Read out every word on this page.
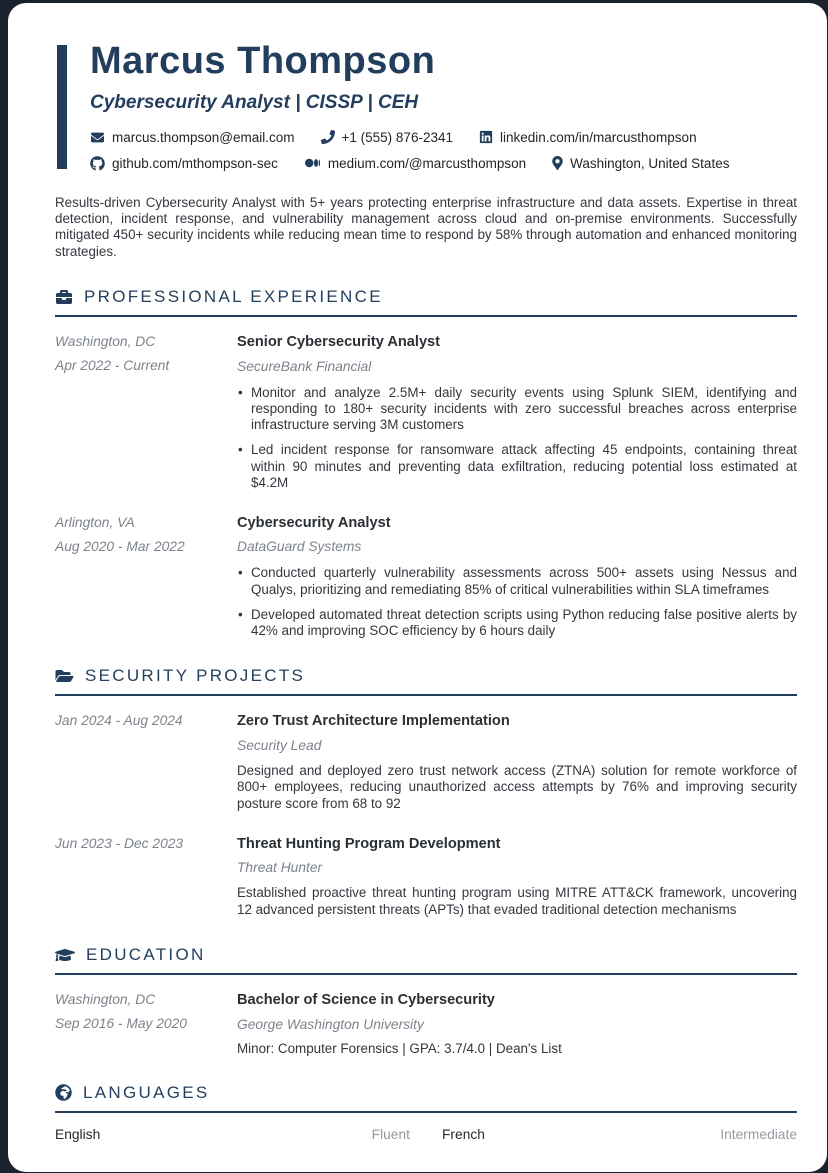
Marcus Thompson
Cybersecurity Analyst | CISSP | CEH
marcus.thompson@email.com	+1 (555) 876-2341	linkedin.com/in/marcusthompson
github.com/mthompson-sec	medium.com/@marcusthompson	Washington, United States

Results-driven Cybersecurity Analyst with 5+ years protecting enterprise infrastructure and data assets. Expertise in threat detection, incident response, and vulnerability management across cloud and on-premise environments. Successfully mitigated 450+ security incidents while reducing mean time to respond by 58% through automation and enhanced monitoring strategies.

PROFESSIONAL EXPERIENCE
Washington, DC
Apr 2022 - Current
Senior Cybersecurity Analyst
SecureBank Financial
• Monitor and analyze 2.5M+ daily security events using Splunk SIEM, identifying and responding to 180+ security incidents with zero successful breaches across enterprise infrastructure serving 3M customers
• Led incident response for ransomware attack affecting 45 endpoints, containing threat within 90 minutes and preventing data exfiltration, reducing potential loss estimated at $4.2M
Arlington, VA
Aug 2020 - Mar 2022
Cybersecurity Analyst
DataGuard Systems
• Conducted quarterly vulnerability assessments across 500+ assets using Nessus and Qualys, prioritizing and remediating 85% of critical vulnerabilities within SLA timeframes
• Developed automated threat detection scripts using Python reducing false positive alerts by 42% and improving SOC efficiency by 6 hours daily
SECURITY PROJECTS
Jan 2024 - Aug 2024	Zero Trust Architecture Implementation
Security Lead

Designed and deployed zero trust network access (ZTNA) solution for remote workforce of 800+ employees, reducing unauthorized access attempts by 76% and improving security posture score from 68 to 92

Jun 2023 - Dec 2023	Threat Hunting Program Development
Threat Hunter

Established proactive threat hunting program using MITRE ATT&CK framework, uncovering 12 advanced persistent threats (APTs) that evaded traditional detection mechanisms

EDUCATION
Washington, DC
Sep 2016 - May 2020
Bachelor of Science in Cybersecurity
George Washington University
Minor: Computer Forensics | GPA: 3.7/4.0 | Dean's List
LANGUAGES
English	Fluent French	Intermediate
